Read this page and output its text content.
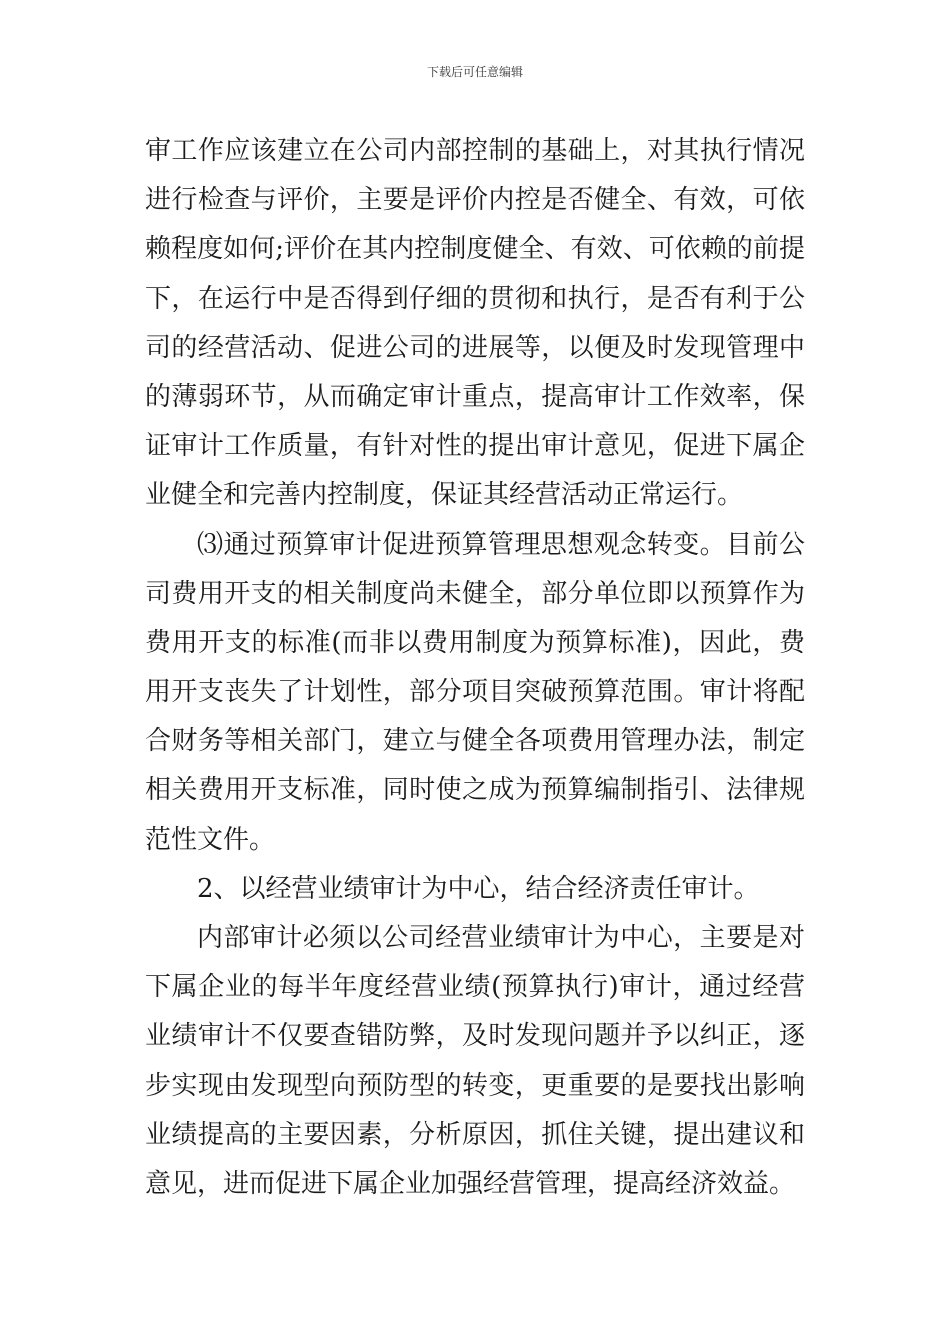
下载后可任意编辑
审工作应该建立在公司内部控制的基础上，对其执行情况
进行检查与评价，主要是评价内控是否健全、有效，可依
赖程度如何;评价在其内控制度健全、有效、可依赖的前提
下，在运行中是否得到仔细的贯彻和执行，是否有利于公
司的经营活动、促进公司的进展等，以便及时发现管理中
的薄弱环节，从而确定审计重点，提高审计工作效率，保
证审计工作质量，有针对性的提出审计意见，促进下属企
业健全和完善内控制度，保证其经营活动正常运行。
⑶通过预算审计促进预算管理思想观念转变。目前公
司费用开支的相关制度尚未健全，部分单位即以预算作为
费用开支的标准(而非以费用制度为预算标准)，因此，费
用开支丧失了计划性，部分项目突破预算范围。审计将配
合财务等相关部门，建立与健全各项费用管理办法，制定
相关费用开支标准，同时使之成为预算编制指引、法律规
范性文件。
2、以经营业绩审计为中心，结合经济责任审计。
内部审计必须以公司经营业绩审计为中心，主要是对
下属企业的每半年度经营业绩(预算执行)审计，通过经营
业绩审计不仅要查错防弊，及时发现问题并予以纠正，逐
步实现由发现型向预防型的转变，更重要的是要找出影响
业绩提高的主要因素，分析原因，抓住关键，提出建议和
意见，进而促进下属企业加强经营管理，提高经济效益。
